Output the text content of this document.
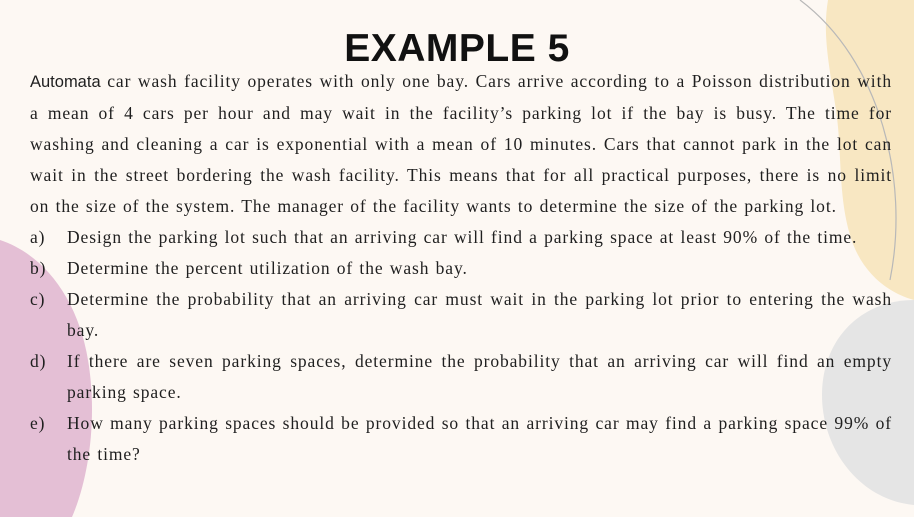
EXAMPLE 5

Automata car wash facility operates with only one bay. Cars arrive according to a Poisson distribution with a mean of 4 cars per hour and may wait in the facility’s parking lot if the bay is busy. The time for washing and cleaning a car is exponential with a mean of 10 minutes. Cars that cannot park in the lot can wait in the street bordering the wash facility. This means that for all practical purposes, there is no limit on the size of the system. The manager of the facility wants to determine the size of the parking lot.

a)	Design the parking lot such that an arriving car will find a parking space at least 90% of the time.
b)	Determine the percent utilization of the wash bay.
c)	Determine the probability that an arriving car must wait in the parking lot prior to entering the wash bay.
d)	If there are seven parking spaces, determine the probability that an arriving car will find an empty parking space.
e)	How many parking spaces should be provided so that an arriving car may find a parking space 99% of the time?
